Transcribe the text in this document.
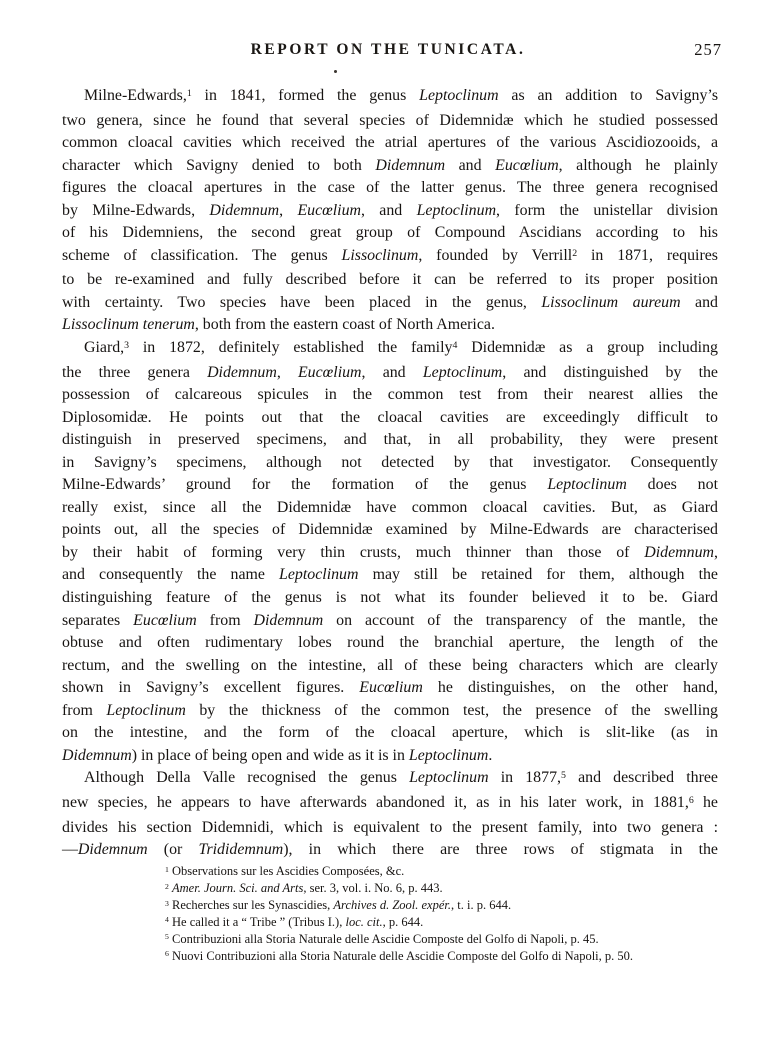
REPORT ON THE TUNICATA.	257
Milne-Edwards,$^1$ in 1841, formed the genus Leptoclinum as an addition to Savigny’s
two genera, since he found that several species of Didemnidæ which he studied possessed
common cloacal cavities which received the atrial apertures of the various Ascidiozooids, a
character which Savigny denied to both Didemnum and Eucœlium, although he plainly
figures the cloacal apertures in the case of the latter genus. The three genera recognised
by Milne-Edwards, Didemnum, Eucœlium, and Leptoclinum, form the unistellar division
of his Didemniens, the second great group of Compound Ascidians according to his
scheme of classification. The genus Lissoclinum, founded by Verrill$^2$ in 1871, requires
to be re-examined and fully described before it can be referred to its proper position
with certainty. Two species have been placed in the genus, Lissoclinum aureum and
Lissoclinum tenerum, both from the eastern coast of North America.
Giard,$^3$ in 1872, definitely established the family$^4$ Didemnidæ as a group including
the three genera Didemnum, Eucœlium, and Leptoclinum, and distinguished by the
possession of calcareous spicules in the common test from their nearest allies the
Diplosomidæ. He points out that the cloacal cavities are exceedingly difficult to
distinguish in preserved specimens, and that, in all probability, they were present
in Savigny’s specimens, although not detected by that investigator. Consequently
Milne-Edwards’ ground for the formation of the genus Leptoclinum does not
really exist, since all the Didemnidæ have common cloacal cavities. But, as Giard
points out, all the species of Didemnidæ examined by Milne-Edwards are characterised
by their habit of forming very thin crusts, much thinner than those of Didemnum,
and consequently the name Leptoclinum may still be retained for them, although the
distinguishing feature of the genus is not what its founder believed it to be. Giard
separates Eucœlium from Didemnum on account of the transparency of the mantle, the
obtuse and often rudimentary lobes round the branchial aperture, the length of the
rectum, and the swelling on the intestine, all of these being characters which are clearly
shown in Savigny’s excellent figures. Eucœlium he distinguishes, on the other hand,
from Leptoclinum by the thickness of the common test, the presence of the swelling
on the intestine, and the form of the cloacal aperture, which is slit-like (as in
Didemnum) in place of being open and wide as it is in Leptoclinum.
Although Della Valle recognised the genus Leptoclinum in 1877,$^5$ and described three
new species, he appears to have afterwards abandoned it, as in his later work, in 1881,$^6$ he
divides his section Didemnidi, which is equivalent to the present family, into two genera :
—Didemnum (or Trididemnum), in which there are three rows of stigmata in the
$^1$ Observations sur les Ascidies Composées, &c.
$^2$ Amer. Journ. Sci. and Arts, ser. 3, vol. i. No. 6, p. 443.
$^3$ Recherches sur les Synascidies, Archives d. Zool. expér., t. i. p. 644.
$^4$ He called it a “ Tribe ” (Tribus I.), loc. cit., p. 644.
$^5$ Contribuzioni alla Storia Naturale delle Ascidie Composte del Golfo di Napoli, p. 45.
$^6$ Nuovi Contribuzioni alla Storia Naturale delle Ascidie Composte del Golfo di Napoli, p. 50.
